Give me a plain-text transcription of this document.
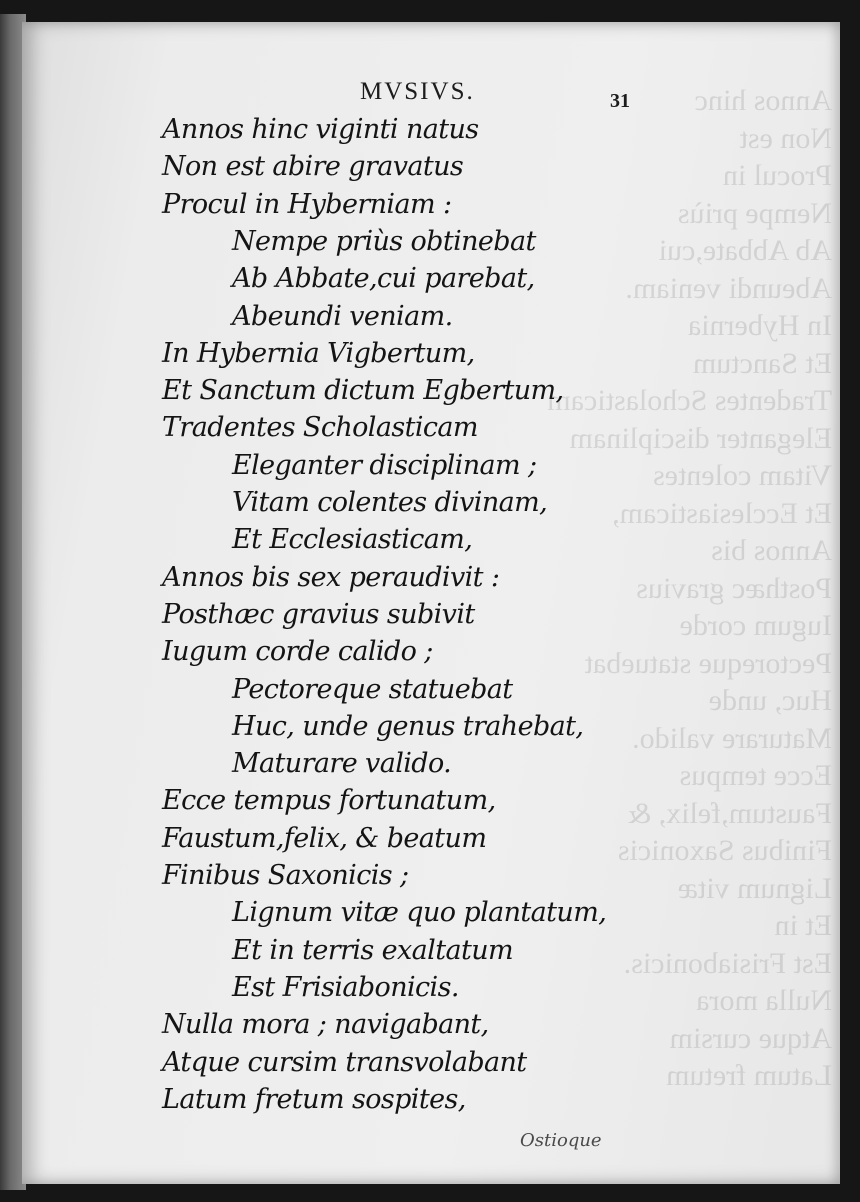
Annos hinc
Non est
Procul in
Nempe priùs
Ab Abbate,cui
Abeundi veniam.
In Hybernia
Et Sanctum
Tradentes Scholasticam
Eleganter disciplinam
Vitam colentes
Et Ecclesiasticam,
Annos bis
Posthæc gravius
Iugum corde
Pectoreque statuebat
Huc, unde
Maturare valido.
Ecce tempus
Faustum,felix, &
Finibus Saxonicis
Lignum vitæ
Et in
Est Frisiabonicis.
Nulla mora
Atque cursim
Latum fretum
MVSIVS.	31
Annos hinc viginti natus
Non est abire gravatus
Procul in Hyberniam :
Nempe priùs obtinebat
Ab Abbate,cui parebat,
Abeundi veniam.
In Hybernia Vigbertum,
Et Sanctum dictum Egbertum,
Tradentes Scholasticam
Eleganter disciplinam ;
Vitam colentes divinam,
Et Ecclesiasticam,
Annos bis sex peraudivit :
Posthæc gravius subivit
Iugum corde calido ;
Pectoreque statuebat
Huc, unde genus trahebat,
Maturare valido.
Ecce tempus fortunatum,
Faustum,felix, & beatum
Finibus Saxonicis ;
Lignum vitæ quo plantatum,
Et in terris exaltatum
Est Frisiabonicis.
Nulla mora ; navigabant,
Atque cursim transvolabant
Latum fretum sospites,
Ostioque
